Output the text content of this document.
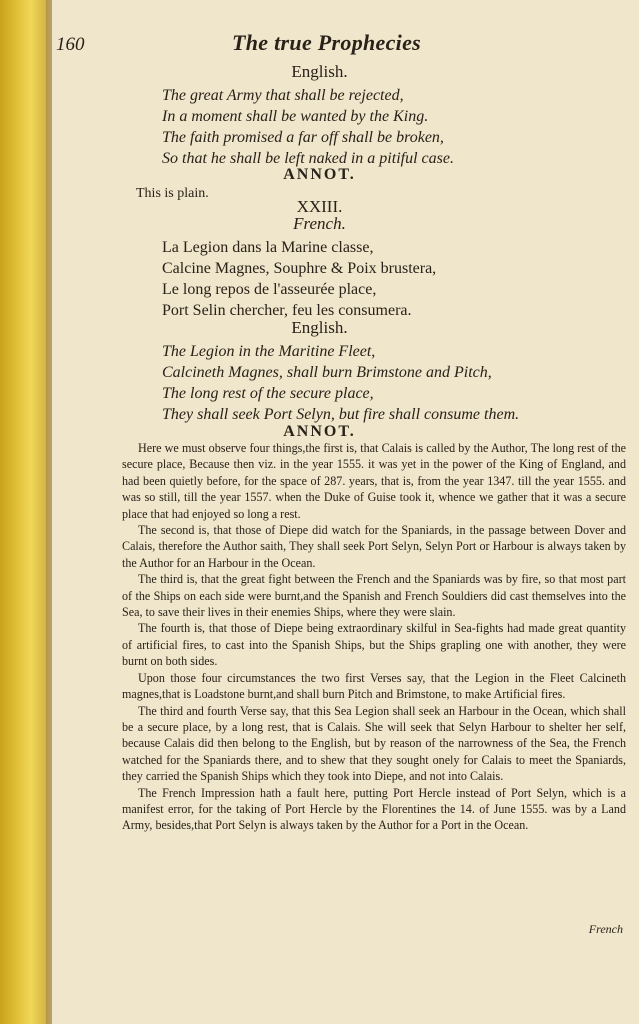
160	The true Prophecies
English.
The great Army that shall be rejected,
In a moment shall be wanted by the King.
The faith promised a far off shall be broken,
So that he shall be left naked in a pitiful case.
ANNOT.
This is plain.
XXIII.
French.
La Legion dans la Marine classe,
Calcine Magnes, Souphre & Poix brustera,
Le long repos de l'asseurée place,
Port Selin chercher, feu les consumera.
English.
The Legion in the Maritine Fleet,
Calcineth Magnes, shall burn Brimstone and Pitch,
The long rest of the secure place,
They shall seek Port Selyn, but fire shall consume them.
ANNOT.

Here we must observe four things,the first is, that Calais is called by the Author, The long rest of the secure place, Because then viz. in the year 1555. it was yet in the power of the King of England, and had been quietly before, for the space of 287. years, that is, from the year 1347. till the year 1555. and was so still, till the year 1557. when the Duke of Guise took it, whence we gather that it was a secure place that had enjoyed so long a rest.

The second is, that those of Diepe did watch for the Spaniards, in the passage between Dover and Calais, therefore the Author saith, They shall seek Port Selyn, Selyn Port or Harbour is always taken by the Author for an Harbour in the Ocean.

The third is, that the great fight between the French and the Spaniards was by fire, so that most part of the Ships on each side were burnt,and the Spanish and French Souldiers did cast themselves into the Sea, to save their lives in their enemies Ships, where they were slain.

The fourth is, that those of Diepe being extraordinary skilful in Sea-fights had made great quantity of artificial fires, to cast into the Spanish Ships, but the Ships grapling one with another, they were burnt on both sides.

Upon those four circumstances the two first Verses say, that the Legion in the Fleet Calcineth magnes,that is Loadstone burnt,and shall burn Pitch and Brimstone, to make Artificial fires.

The third and fourth Verse say, that this Sea Legion shall seek an Harbour in the Ocean, which shall be a secure place, by a long rest, that is Calais. She will seek that Selyn Harbour to shelter her self, because Calais did then belong to the English, but by reason of the narrowness of the Sea, the French watched for the Spaniards there, and to shew that they sought onely for Calais to meet the Spaniards, they carried the Spanish Ships which they took into Diepe, and not into Calais.

The French Impression hath a fault here, putting Port Hercle instead of Port Selyn, which is a manifest error, for the taking of Port Hercle by the Florentines the 14. of June 1555. was by a Land Army, besides,that Port Selyn is always taken by the Author for a Port in the Ocean.

French
